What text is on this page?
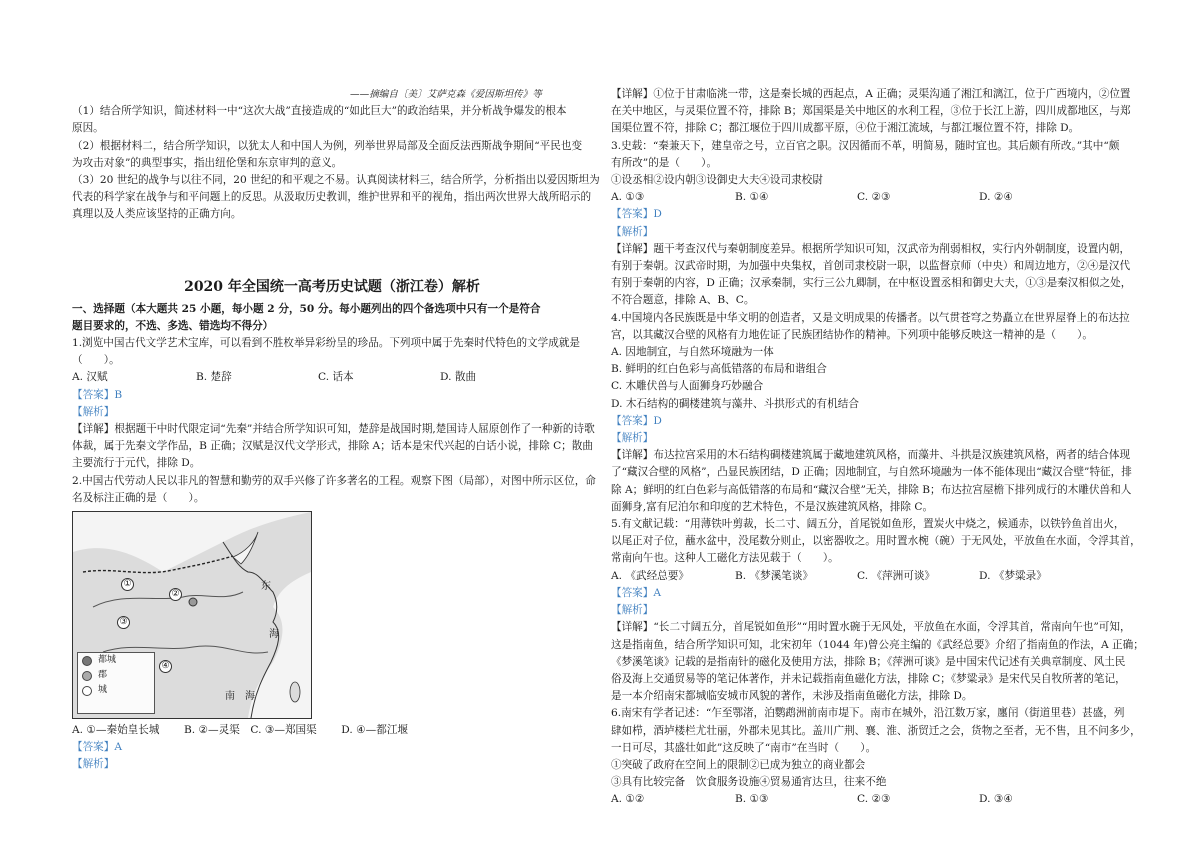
——摘编自〔美〕艾萨克森《爱因斯坦传》等

（1）结合所学知识，简述材料一中“这次大战”直接造成的“如此巨大”的政治结果，并分析战争爆发的根本

原因。

（2）根据材料二，结合所学知识，以犹太人和中国人为例，列举世界局部及全面反法西斯战争期间“平民也变

为攻击对象”的典型事实，指出纽伦堡和东京审判的意义。

（3）20 世纪的战争与以往不同，20 世纪的和平观之不易。认真阅读材料三，结合所学，分析指出以爱因斯坦为

代表的科学家在战争与和平问题上的反思。从汲取历史教训，维护世界和平的视角，指出两次世界大战所昭示的

真理以及人类应该坚持的正确方向。

2020 年全国统一高考历史试题（浙江卷）解析

一、选择题（本大题共 25 小题，每小题 2 分，50 分。每小题列出的四个备选项中只有一个是符合

题目要求的，不选、多选、错选均不得分）

1.浏览中国古代文学艺术宝库，可以看到不胜枚举异彩纷呈的珍品。下列项中属于先秦时代特色的文学成就是

（　　）。

A. 汉赋	B. 楚辞	C. 话本	D. 散曲

【答案】B

【解析】

【详解】根据题干中时代限定词“先秦”并结合所学知识可知，楚辞是战国时期,楚国诗人屈原创作了一种新的诗歌

体裁，属于先秦文学作品，B 正确；汉赋是汉代文学形式，排除 A；话本是宋代兴起的白话小说，排除 C；散曲

主要流行于元代，排除 D。

2.中国古代劳动人民以非凡的智慧和勤劳的双手兴修了许多著名的工程。观察下图（局部），对图中所示区位，命

名及标注正确的是（　　）。

东
海
南　海
①
②
③
④
都城
郡
城

A. ①—秦始皇长城　　 B. ②—灵渠　C. ③—郑国渠　　 D. ④—都江堰

【答案】A

【解析】

【详解】①位于甘肃临洮一带，这是秦长城的西起点，A 正确；灵渠沟通了湘江和漓江，位于广西境内，②位置

在关中地区，与灵渠位置不符，排除 B；郑国渠是关中地区的水利工程，③位于长江上游，四川成都地区，与郑

国渠位置不符，排除 C；都江堰位于四川成都平原，④位于湘江流域，与都江堰位置不符，排除 D。

3.史载：“秦兼天下，建皇帝之号，立百官之职。汉因循而不革，明简易，随时宜也。其后颇有所改。”其中“颇

有所改”的是（　　）。

①设丞相②设内朝③设御史大夫④设司隶校尉

A. ①③	B. ①④	C. ②③	D. ②④

【答案】D

【解析】

【详解】题干考查汉代与秦朝制度差异。根据所学知识可知，汉武帝为削弱相权，实行内外朝制度，设置内朝，

有别于秦朝。汉武帝时期，为加强中央集权，首创司隶校尉一职，以监督京师（中央）和周边地方，②④是汉代

有别于秦朝的内容，D 正确；汉承秦制，实行三公九卿制，在中枢设置丞相和御史大夫，①③是秦汉相似之处，

不符合题意，排除 A、B、C。

4.中国境内各民族既是中华文明的创造者，又是文明成果的传播者。以气贯苍穹之势矗立在世界屋脊上的布达拉

宫，以其藏汉合壁的风格有力地佐证了民族团结协作的精神。下列项中能够反映这一精神的是（　　）。

A. 因地制宜，与自然环境融为一体

B. 鲜明的红白色彩与高低错落的布局和谐组合

C. 木雕伏兽与人面狮身巧妙融合

D. 木石结构的碉楼建筑与藻井、斗拱形式的有机结合

【答案】D

【解析】

【详解】布达拉宫采用的木石结构碉楼建筑属于藏地建筑风格，而藻井、斗拱是汉族建筑风格，两者的结合体现

了“藏汉合壁的风格”，凸显民族团结，D 正确；因地制宜，与自然环境融为一体不能体现出“藏汉合壁”特征，排

除 A；鲜明的红白色彩与高低错落的布局和“藏汉合壁”无关，排除 B；布达拉宫屋檐下排列成行的木雕伏兽和人

面狮身,富有尼泊尔和印度的艺术特色，不是汉族建筑风格，排除 C。

5.有文献记载：“用薄铁叶剪裁，长二寸、阔五分，首尾锐如鱼形，置炭火中烧之，候通赤，以铁钤鱼首出火，

以尾正对子位，蘸水盆中，没尾数分则止，以密器收之。用时置水椀（碗）于无风处，平放鱼在水面，令浮其首，

常南向午也。这种人工磁化方法见载于（　　）。

A. 《武经总要》	B. 《梦溪笔谈》	C. 《萍洲可谈》	D. 《梦粱录》

【答案】A

【解析】

【详解】“长二寸阔五分，首尾锐如鱼形”“用时置水碗于无风处，平放鱼在水面，令浮其首，常南向午也”可知，

这是指南鱼，结合所学知识可知，北宋初年（1044 年)曾公亮主编的《武经总要》介绍了指南鱼的作法，A 正确；

《梦溪笔谈》记载的是指南针的磁化及使用方法，排除 B；《萍洲可谈》是中国宋代记述有关典章制度、风土民

俗及海上交通贸易等的笔记体著作，并未记载指南鱼磁化方法，排除 C；《梦粱录》是宋代吴自牧所著的笔记，

是一本介绍南宋都城临安城市风貌的著作，未涉及指南鱼磁化方法，排除 D。

6.南宋有学者记述：“乍至鄂渚，泊鹦鹉洲前南市堤下。南市在城外，沿江数万家，廛闬（街道里巷）甚盛，列

肆如栉，酒垆楼栏尤壮丽，外郡未见其比。盖川广荆、襄、淮、浙贸迁之会，货物之至者，无不售，且不问多少，

一日可尽，其盛壮如此”这反映了“南市”在当时（　　）。

①突破了政府在空间上的限制②已成为独立的商业都会

③具有比较完备　饮食服务设施④贸易通宵达旦，往来不绝

A. ①②	B. ①③	C. ②③	D. ③④
